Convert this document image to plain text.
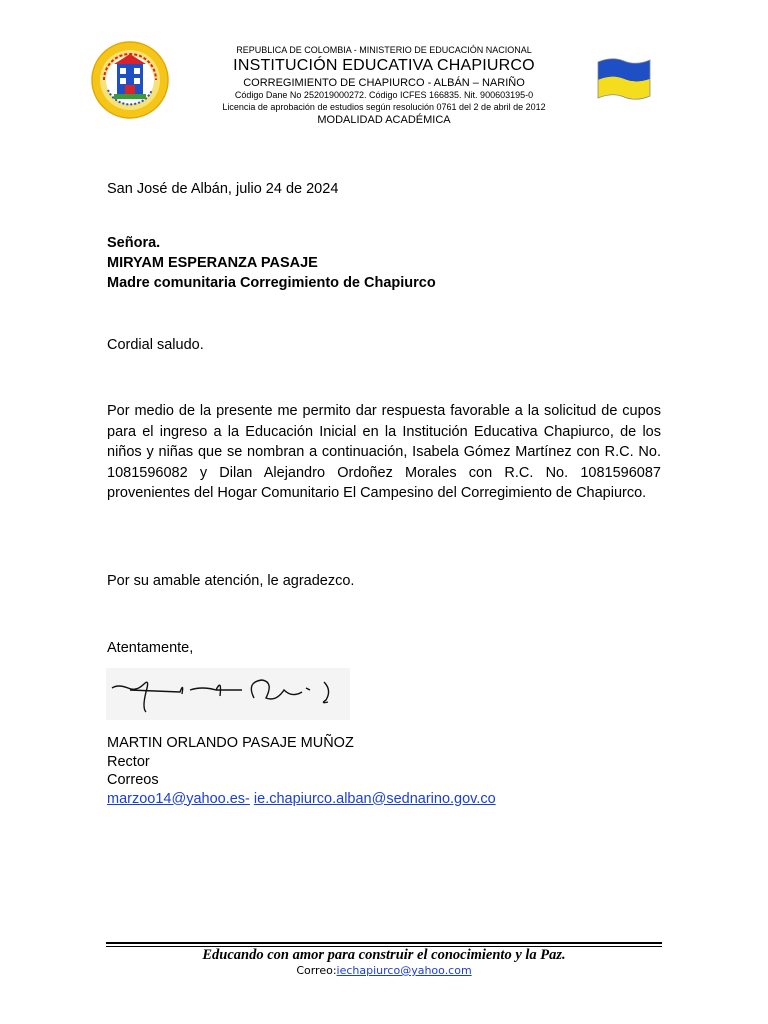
REPUBLICA DE COLOMBIA - MINISTERIO DE EDUCACIÓN NACIONAL
INSTITUCIÓN EDUCATIVA CHAPIURCO
CORREGIMIENTO DE CHAPIURCO - ALBÁN – NARIÑO
Código Dane No 252019000272. Código ICFES 166835. Nit. 900603195-0
Licencia de aprobación de estudios según resolución 0761 del 2 de abril de 2012
MODALIDAD ACADÉMICA
San José de Albán, julio 24 de 2024
Señora.
MIRYAM ESPERANZA PASAJE
Madre comunitaria Corregimiento de Chapiurco
Cordial saludo.
Por medio de la presente me permito dar respuesta favorable a la solicitud de cupos para el ingreso a la Educación Inicial en la Institución Educativa Chapiurco, de los niños y niñas que se nombran a continuación, Isabela Gómez Martínez con R.C. No. 1081596082 y Dilan Alejandro Ordoñez Morales con R.C. No. 1081596087 provenientes del Hogar Comunitario El Campesino del Corregimiento de Chapiurco.
Por su amable atención, le agradezco.
Atentamente,
MARTIN ORLANDO PASAJE MUÑOZ
Rector
Correos
marzoo14@yahoo.es- ie.chapiurco.alban@sednarino.gov.co
Educando con amor para construir el conocimiento y la Paz.
Correo:iechapiurco@yahoo.com
